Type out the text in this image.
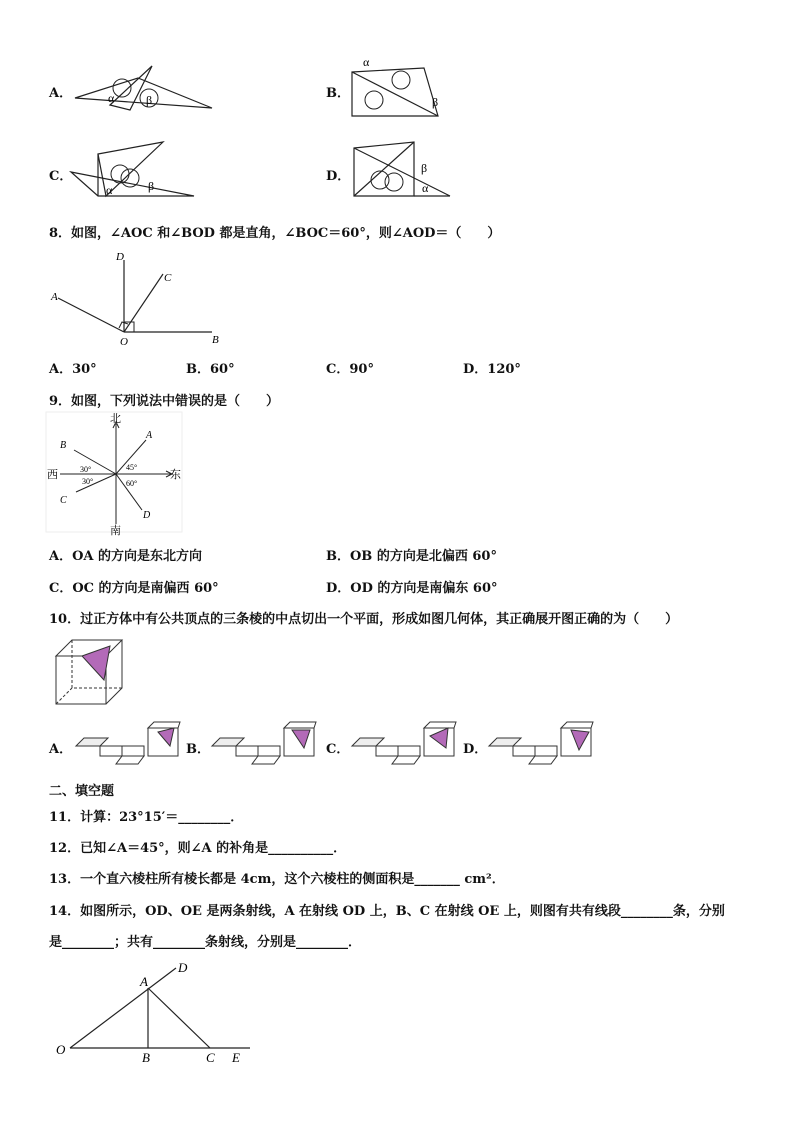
A．	α	β	B．
α
β
C．
α	β
D．
β
α
8．如图，∠AOC 和∠BOD 都是直角，∠BOC＝60°，则∠AOD＝（　　）
D
C
A
O	B
A．30°	B．60°	C．90°	D．120°
9．如图，下列说法中错误的是（　　）
北
南
东
西
B
A
C
D
30°
30°
45°
60°
A．OA 的方向是东北方向	B．OB 的方向是北偏西 60°
C．OC 的方向是南偏西 60°	D．OD 的方向是南偏东 60°
10．过正方体中有公共顶点的三条棱的中点切出一个平面，形成如图几何体，其正确展开图正确的为（　　）
A．	B．	C．	D．
二、填空题
11．计算：23°15′＝________．
12．已知∠A＝45°，则∠A 的补角是__________．
13．一个直六棱柱所有棱长都是 4cm，这个六棱柱的侧面积是_______ cm²．
14．如图所示，OD、OE 是两条射线，A 在射线 OD 上，B、C 在射线 OE 上，则图有共有线段________条，分别
是________；共有________条射线，分别是________．
A
D
O
B	C E
